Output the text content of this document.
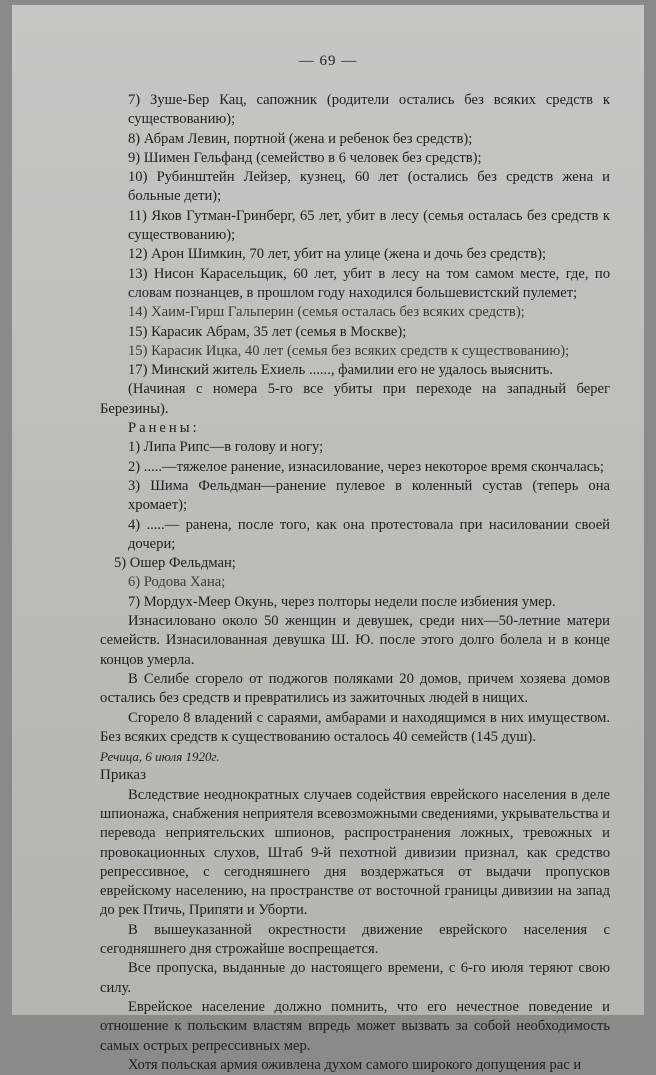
— 69 —

7) Зуше-Бер Кац, сапожник (родители остались без всяких средств к существованию);

8) Абрам Левин, портной (жена и ребенок без средств);

9) Шимен Гельфанд (семейство в 6 человек без средств);

10) Рубинштейн Лейзер, кузнец, 60 лет (остались без средств жена и больные дети);

11) Яков Гутман-Гринберг, 65 лет, убит в лесу (семья осталась без средств к существованию);

12) Арон Шимкин, 70 лет, убит на улице (жена и дочь без средств);

13) Нисон Карасельщик, 60 лет, убит в лесу на том самом месте, где, по словам познанцев, в прошлом году находился большевистский пулемет;

14) Хаим-Гирш Гальперин (семья осталась без всяких средств);

15) Карасик Абрам, 35 лет (семья в Москве);

15) Карасик Ицка, 40 лет (семья без всяких средств к существованию);

17) Минский житель Ехиель ......, фамилии его не удалось выяснить.

(Начиная с номера 5-го все убиты при переходе на западный берег Березины).

Ранены:

1) Липа Рипс—в голову и ногу;

2) .....—тяжелое ранение, изнасилование, через некоторое время скончалась;

3) Шима Фельдман—ранение пулевое в коленный сустав (теперь она хромает);

4) .....— ранена, после того, как она протестовала при насиловании своей дочери;

5) Ошер Фельдман;

6) Родова Хана;

7) Мордух-Меер Окунь, через полторы недели после избиения умер.

Изнасиловано около 50 женщин и девушек, среди них—50-летние матери семейств. Изнасилованная девушка Ш. Ю. после этого долго болела и в конце концов умерла.

В Селибе сгорело от поджогов поляками 20 домов, причем хозяева домов остались без средств и превратились из зажиточных людей в нищих.

Сгорело 8 владений с сараями, амбарами и находящимся в них имуществом. Без всяких средств к существованию осталось 40 семейств (145 душ).

Речица, 6 июля 1920г.

Приказ

Вследствие неоднократных случаев содействия еврейского населения в деле шпионажа, снабжения неприятеля всевозможными сведениями, укрывательства и перевода неприятельских шпионов, распространения ложных, тревожных и провокационных слухов, Штаб 9-й пехотной дивизии признал, как средство репрессивное, с сегодняшнего дня воздержаться от выдачи пропусков еврейскому населению, на пространстве от восточной границы дивизии на запад до рек Птичь, Припяти и Уборти.

В вышеуказанной окрестности движение еврейского населения с сегодняшнего дня строжайше воспрещается.

Все пропуска, выданные до настоящего времени, с 6-го июля теряют свою силу.

Еврейское население должно помнить, что его нечестное поведение и отношение к польским властям впредь может вызвать за собой необходимость самых острых репрессивных мер.

Хотя польская армия оживлена духом самого широкого допущения рас и
